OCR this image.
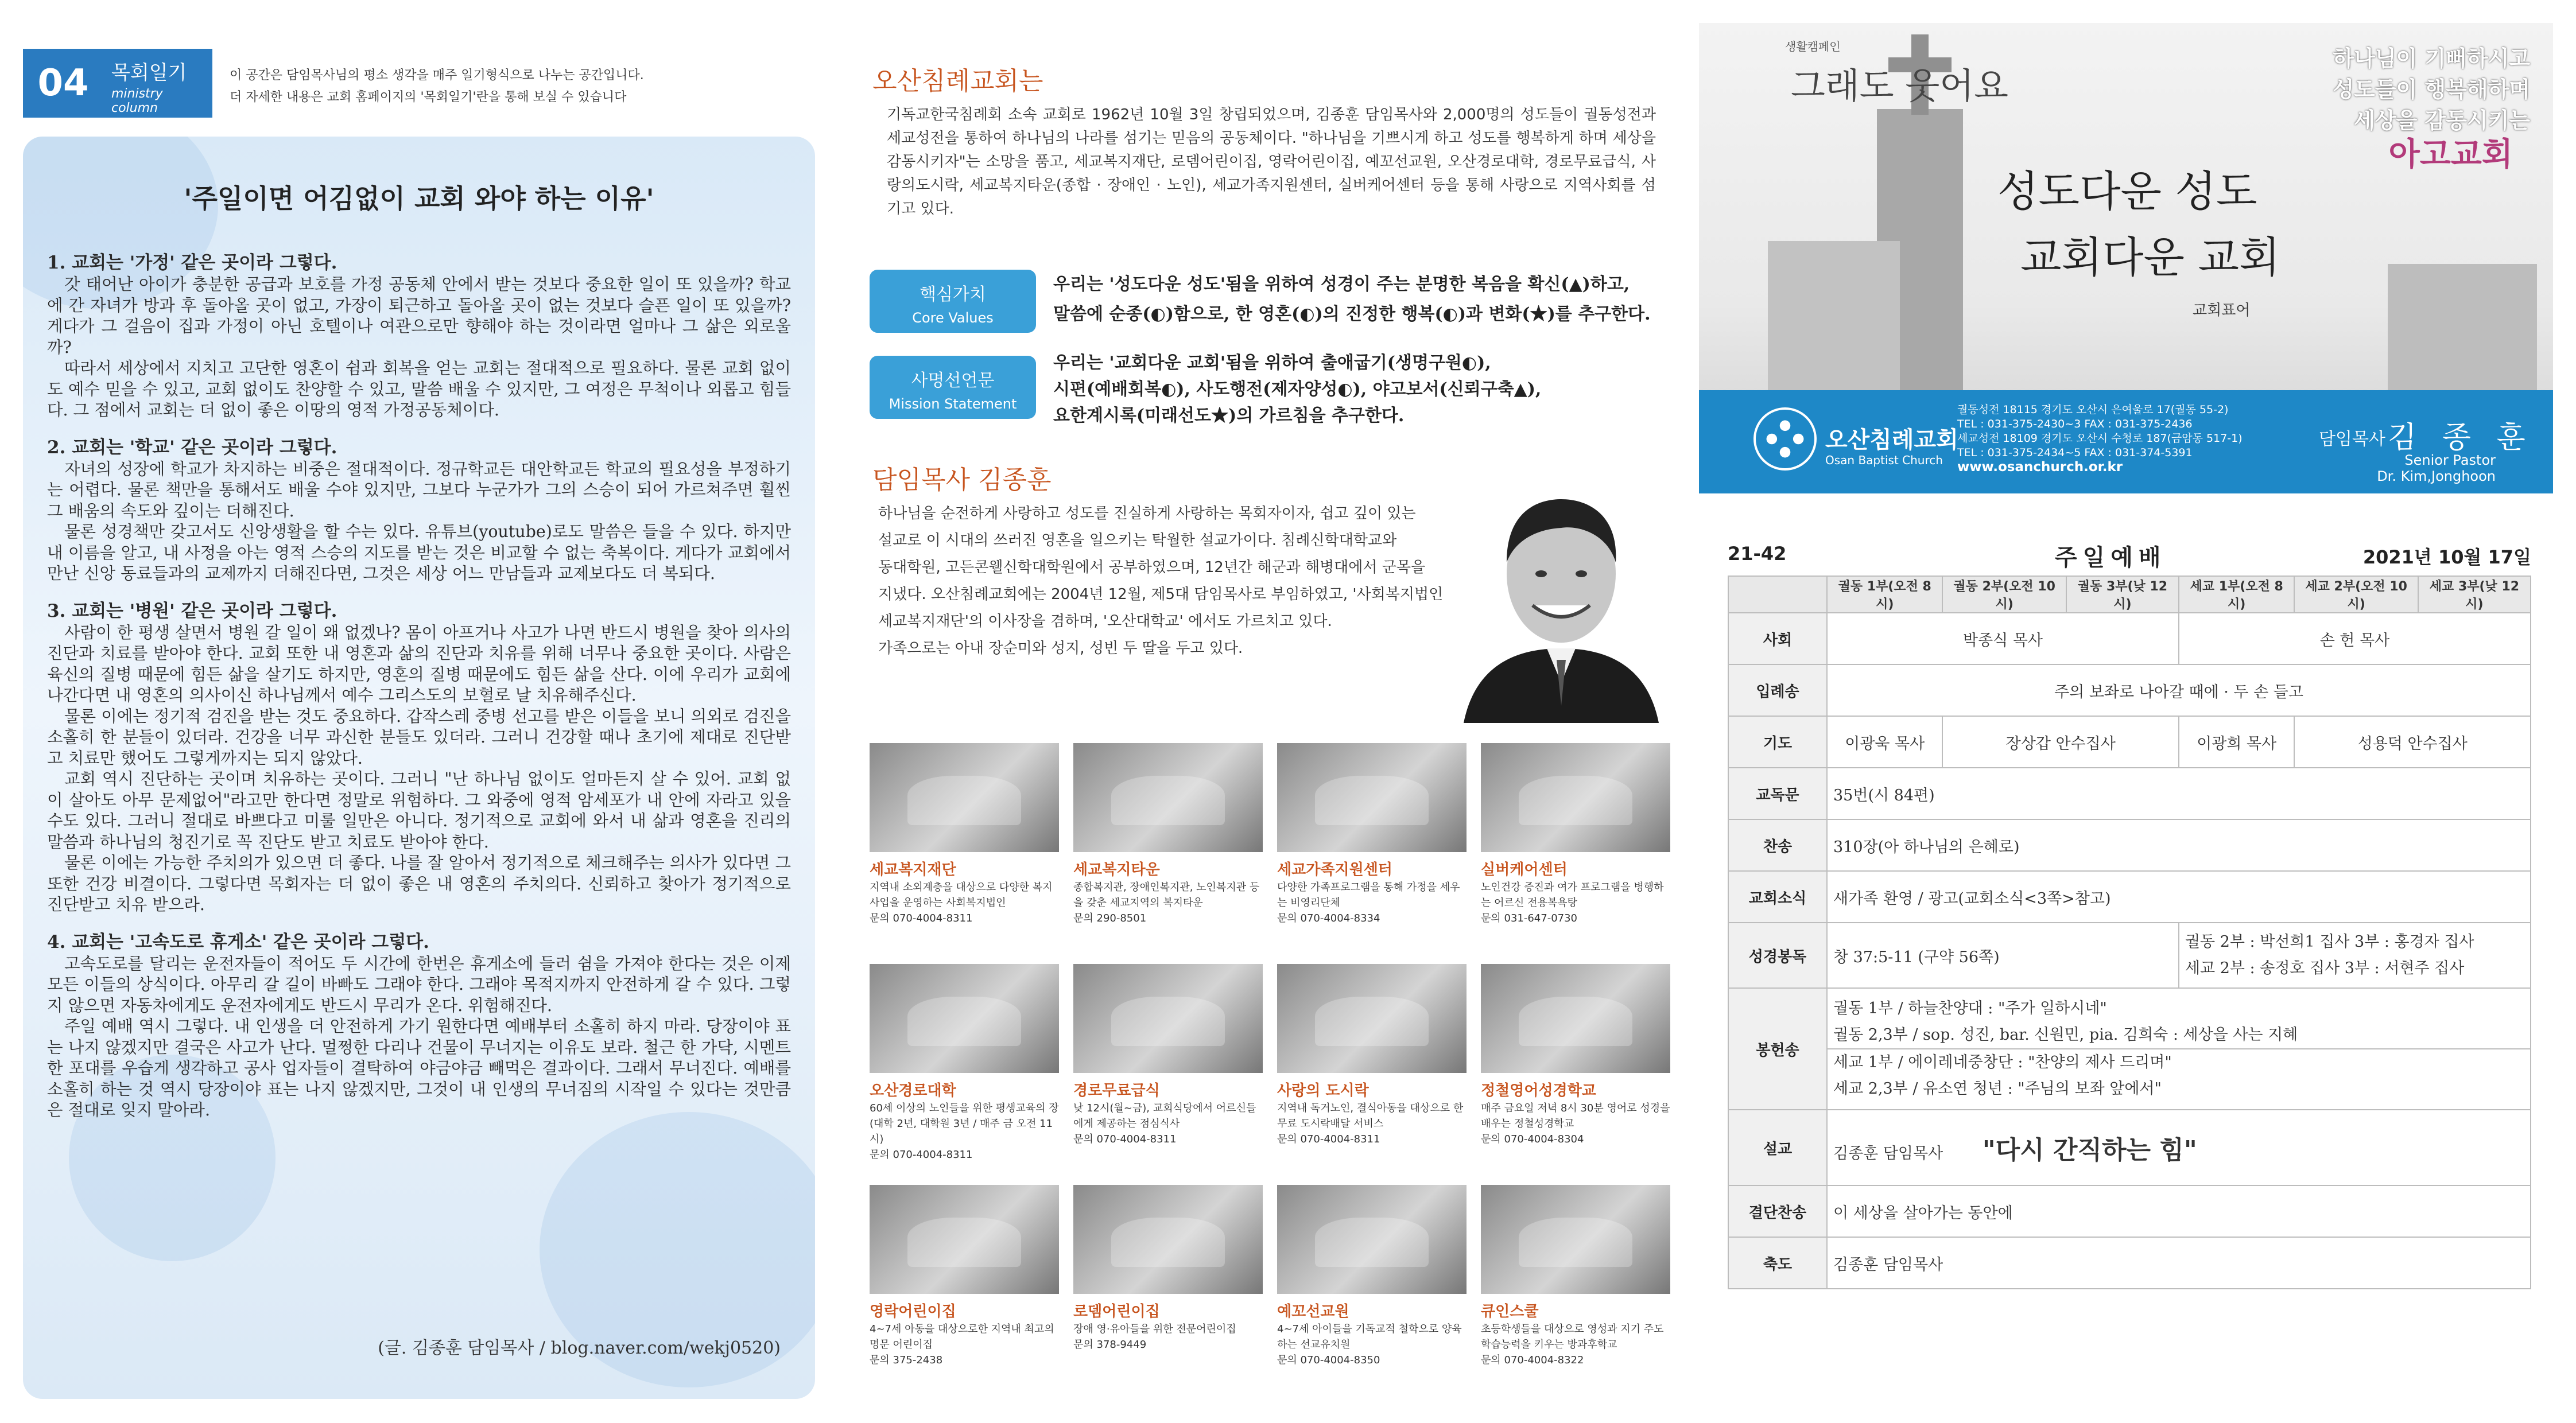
04	목회일기
ministry column
이 공간은 담임목사님의 평소 생각을 매주 일기형식으로 나누는 공간입니다.
더 자세한 내용은 교회 홈페이지의 '목회일기'란을 통해 보실 수 있습니다
'주일이면 어김없이 교회 와야 하는 이유'
1. 교회는 '가정' 같은 곳이라 그렇다.

갓 태어난 아이가 충분한 공급과 보호를 가정 공동체 안에서 받는 것보다 중요한 일이 또 있을까? 학교에 간 자녀가 방과 후 돌아올 곳이 없고, 가장이 퇴근하고 돌아올 곳이 없는 것보다 슬픈 일이 또 있을까? 게다가 그 걸음이 집과 가정이 아닌 호텔이나 여관으로만 향해야 하는 것이라면 얼마나 그 삶은 외로울까?

따라서 세상에서 지치고 고단한 영혼이 쉼과 회복을 얻는 교회는 절대적으로 필요하다. 물론 교회 없이도 예수 믿을 수 있고, 교회 없이도 찬양할 수 있고, 말씀 배울 수 있지만, 그 여정은 무척이나 외롭고 힘들다. 그 점에서 교회는 더 없이 좋은 이땅의 영적 가정공동체이다.

2. 교회는 '학교' 같은 곳이라 그렇다.

자녀의 성장에 학교가 차지하는 비중은 절대적이다. 정규학교든 대안학교든 학교의 필요성을 부정하기는 어렵다. 물론 책만을 통해서도 배울 수야 있지만, 그보다 누군가가 그의 스승이 되어 가르쳐주면 훨씬 그 배움의 속도와 깊이는 더해진다.

물론 성경책만 갖고서도 신앙생활을 할 수는 있다. 유튜브(youtube)로도 말씀은 들을 수 있다. 하지만 내 이름을 알고, 내 사정을 아는 영적 스승의 지도를 받는 것은 비교할 수 없는 축복이다. 게다가 교회에서 만난 신앙 동료들과의 교제까지 더해진다면, 그것은 세상 어느 만남들과 교제보다도 더 복되다.

3. 교회는 '병원' 같은 곳이라 그렇다.

사람이 한 평생 살면서 병원 갈 일이 왜 없겠나? 몸이 아프거나 사고가 나면 반드시 병원을 찾아 의사의 진단과 치료를 받아야 한다. 교회 또한 내 영혼과 삶의 진단과 치유를 위해 너무나 중요한 곳이다. 사람은 육신의 질병 때문에 힘든 삶을 살기도 하지만, 영혼의 질병 때문에도 힘든 삶을 산다. 이에 우리가 교회에 나간다면 내 영혼의 의사이신 하나님께서 예수 그리스도의 보혈로 날 치유해주신다.

물론 이에는 정기적 검진을 받는 것도 중요하다. 갑작스레 중병 선고를 받은 이들을 보니 의외로 검진을 소홀히 한 분들이 있더라. 건강을 너무 과신한 분들도 있더라. 그러니 건강할 때나 초기에 제대로 진단받고 치료만 했어도 그렇게까지는 되지 않았다.

교회 역시 진단하는 곳이며 치유하는 곳이다. 그러니 "난 하나님 없이도 얼마든지 살 수 있어. 교회 없이 살아도 아무 문제없어"라고만 한다면 정말로 위험하다. 그 와중에 영적 암세포가 내 안에 자라고 있을 수도 있다. 그러니 절대로 바쁘다고 미룰 일만은 아니다. 정기적으로 교회에 와서 내 삶과 영혼을 진리의 말씀과 하나님의 청진기로 꼭 진단도 받고 치료도 받아야 한다.

물론 이에는 가능한 주치의가 있으면 더 좋다. 나를 잘 알아서 정기적으로 체크해주는 의사가 있다면 그 또한 건강 비결이다. 그렇다면 목회자는 더 없이 좋은 내 영혼의 주치의다. 신뢰하고 찾아가 정기적으로 진단받고 치유 받으라.

4. 교회는 '고속도로 휴게소' 같은 곳이라 그렇다.

고속도로를 달리는 운전자들이 적어도 두 시간에 한번은 휴게소에 들러 쉼을 가져야 한다는 것은 이제 모든 이들의 상식이다. 아무리 갈 길이 바빠도 그래야 한다. 그래야 목적지까지 안전하게 갈 수 있다. 그렇지 않으면 자동차에게도 운전자에게도 반드시 무리가 온다. 위험해진다.

주일 예배 역시 그렇다. 내 인생을 더 안전하게 가기 원한다면 예배부터 소홀히 하지 마라. 당장이야 표는 나지 않겠지만 결국은 사고가 난다. 멀쩡한 다리나 건물이 무너지는 이유도 보라. 철근 한 가닥, 시멘트 한 포대를 우습게 생각하고 공사 업자들이 결탁하여 야금야금 빼먹은 결과이다. 그래서 무너진다. 예배를 소홀히 하는 것 역시 당장이야 표는 나지 않겠지만, 그것이 내 인생의 무너짐의 시작일 수 있다는 것만큼은 절대로 잊지 말아라.

(글. 김종훈 담임목사 / blog.naver.com/wekj0520)
오산침례교회는
기독교한국침례회 소속 교회로 1962년 10월 3일 창립되었으며, 김종훈 담임목사와 2,000명의 성도들이 궐동성전과 세교성전을 통하여 하나님의 나라를 섬기는 믿음의 공동체이다. "하나님을 기쁘시게 하고 성도를 행복하게 하며 세상을 감동시키자"는 소망을 품고, 세교복지재단, 로뎀어린이집, 영락어린이집, 예꼬선교원, 오산경로대학, 경로무료급식, 사랑의도시락, 세교복지타운(종합 · 장애인 · 노인), 세교가족지원센터, 실버케어센터 등을 통해 사랑으로 지역사회를 섬기고 있다.
핵심가치
Core Values
우리는 '성도다운 성도'됨을 위하여 성경이 주는 분명한 복음을 확신(▲)하고,
말씀에 순종(◐)함으로, 한 영혼(◐)의 진정한 행복(◐)과 변화(★)를 추구한다.
사명선언문
Mission Statement
우리는 '교회다운 교회'됨을 위하여 출애굽기(생명구원◐),
시편(예배회복◐), 사도행전(제자양성◐), 야고보서(신뢰구축▲),
요한계시록(미래선도★)의 가르침을 추구한다.
담임목사 김종훈
하나님을 순전하게 사랑하고 성도를 진실하게 사랑하는 목회자이자, 쉽고 깊이 있는
설교로 이 시대의 쓰러진 영혼을 일으키는 탁월한 설교가이다. 침례신학대학교와
동대학원, 고든콘웰신학대학원에서 공부하였으며, 12년간 해군과 해병대에서 군목을
지냈다. 오산침례교회에는 2004년 12월, 제5대 담임목사로 부임하였고, '사회복지법인
세교복지재단'의 이사장을 겸하며, '오산대학교' 에서도 가르치고 있다.
가족으로는 아내 장순미와 성지, 성빈 두 딸을 두고 있다.
세교복지재단
지역내 소외계층을 대상으로 다양한 복지사업을 운영하는 사회복지법인
문의 070-4004-8311
세교복지타운
종합복지관, 장애인복지관, 노인복지관 등을 갖춘 세교지역의 복지타운
문의 290-8501
세교가족지원센터
다양한 가족프로그램을 통해 가정을 세우는 비영리단체
문의 070-4004-8334
실버케어센터
노인건강 증진과 여가 프로그램을 병행하는 어르신 전용복욕탕
문의 031-647-0730
오산경로대학
60세 이상의 노인들을 위한 평생교육의 장(대학 2년, 대학원 3년 / 매주 금 오전 11시)
문의 070-4004-8311
경로무료급식
낮 12시(월~금), 교회식당에서 어르신들에게 제공하는 점심식사
문의 070-4004-8311
사랑의 도시락
지역내 독거노인, 결식아동을 대상으로 한 무료 도시락배달 서비스
문의 070-4004-8311
정철영어성경학교
매주 금요일 저녁 8시 30분 영어로 성경을 배우는 정철성경학교
문의 070-4004-8304
영락어린이집
4~7세 아동을 대상으로한 지역내 최고의 명문 어린이집
문의 375-2438
로뎀어린이집
장애 영·유아들을 위한 전문어린이집
문의 378-9449
예꼬선교원
4~7세 아이들을 기독교적 철학으로 양육하는 선교유치원
문의 070-4004-8350
큐인스쿨
초등학생들을 대상으로 영성과 지기 주도 학습능력을 키우는 방과후학교
문의 070-4004-8322
생활캠페인
그래도 웃어요
하나님이 기뻐하시고
성도들이 행복해하며
세상을 감동시키는
아고교회
성도다운 성도
교회다운 교회
교회표어
오산침례교회
Osan Baptist Church
궐동성전 18115 경기도 오산시 은여울로 17(궐동 55-2)
TEL : 031-375-2430~3 FAX : 031-375-2436
세교성전 18109 경기도 오산시 수청로 187(금암동 517-1)
TEL : 031-375-2434~5 FAX : 031-374-5391
www.osanchurch.or.kr
담임목사 김 종 훈
Senior Pastor
Dr. Kim,Jonghoon
21-42	주일예배	2021년 10월 17일
	궐동 1부(오전 8시)	궐동 2부(오전 10시)	궐동 3부(낮 12시)	세교 1부(오전 8시)	세교 2부(오전 10시)	세교 3부(낮 12시)
사회	박종식 목사			손 헌 목사		
입례송	주의 보좌로 나아갈 때에 · 두 손 들고					
기도	이광욱 목사	장상갑 안수집사		이광희 목사	성용덕 안수집사	
교독문	35번(시 84편)					
찬송	310장(아 하나님의 은혜로)					
교회소식	새가족 환영 / 광고(교회소식<3쪽>참고)					
성경봉독	창 37:5-11 (구약 56쪽)			궐동 2부 : 박선희1 집사 3부 : 홍경자 집사
세교 2부 : 송정호 집사 3부 : 서현주 집사		

봉헌송	궐동 1부 / 하늘찬양대 : "주가 일하시네"
궐동 2,3부 / sop. 성진, bar. 신원민, pia. 김희숙 : 세상을 사는 지혜
세교 1부 / 에이레네중창단 : "찬양의 제사 드리며"
세교 2,3부 / 유소연 청년 : "주님의 보좌 앞에서"					

설교	김종훈 담임목사 "다시 간직하는 힘"					
결단찬송	이 세상을 살아가는 동안에					
축도	김종훈 담임목사					
